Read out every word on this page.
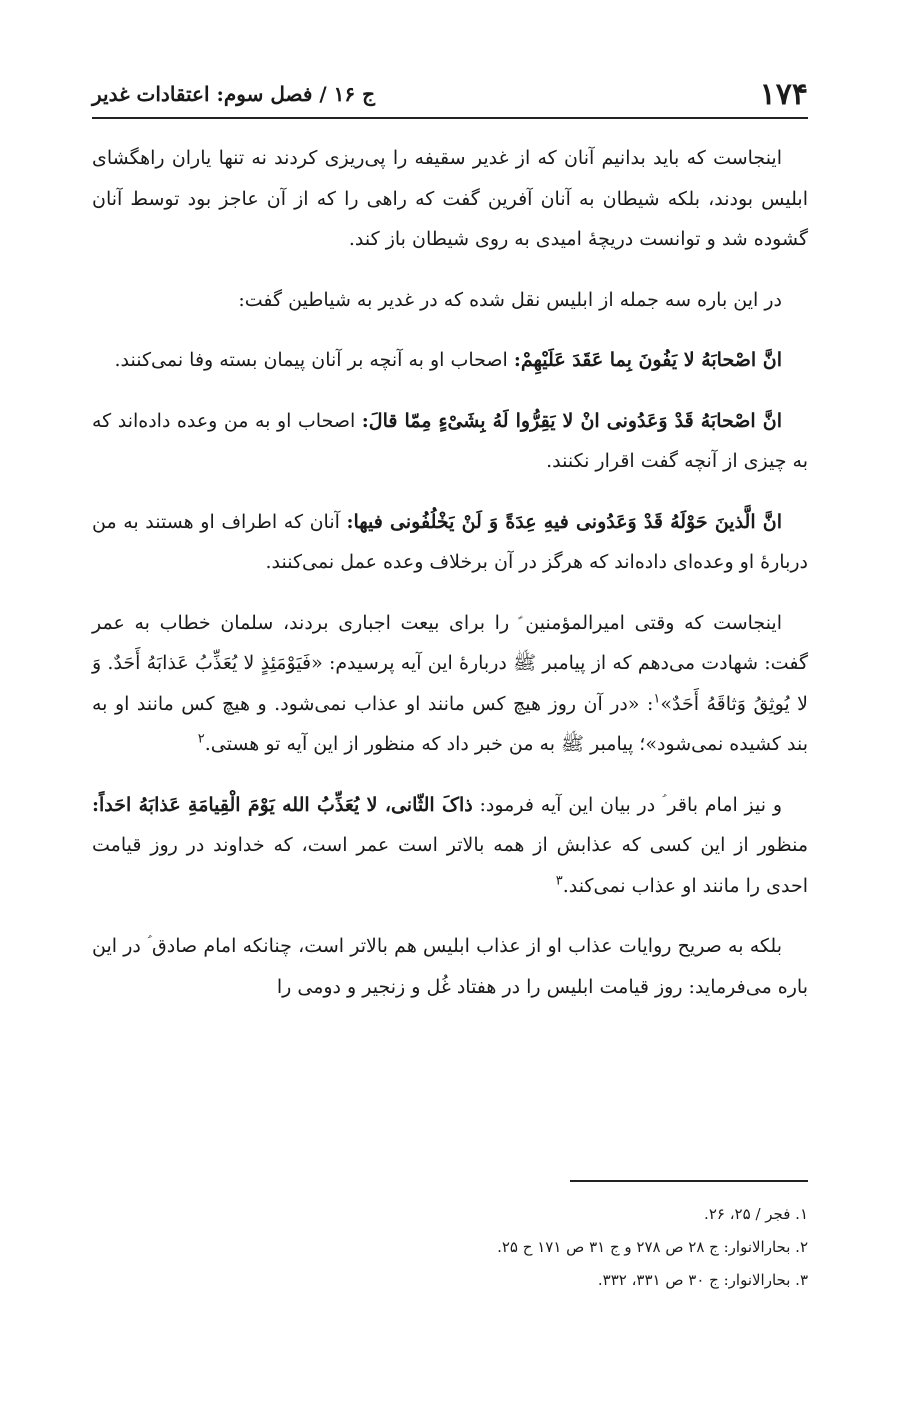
۱۷۴
ج ۱۶ / فصل سوم: اعتقادات غدیر

اینجاست که باید بدانیم آنان که از غدیر سقیفه را پی‌ریزی کردند نه تنها یاران راهگشای ابلیس بودند، بلکه شیطان به آنان آفرین گفت که راهی را که از آن عاجز بود توسط آنان گشوده شد و توانست دریچهٔ امیدی به روی شیطان باز کند.

در این باره سه جمله از ابلیس نقل شده که در غدیر به شیاطین گفت:

انَّ اصْحابَهُ لا یَفُونَ بِما عَقَدَ عَلَیْهِمْ: اصحاب او به آنچه بر آنان پیمان بسته وفا نمی‌کنند.

انَّ اصْحابَهُ قَدْ وَعَدُونی انْ لا یَقِرُّوا لَهُ بِشَیْءٍ مِمّا قالَ: اصحاب او به من وعده داده‌اند که به چیزی از آنچه گفت اقرار نکنند.

انَّ الَّذینَ حَوْلَهُ قَدْ وَعَدُونی فیهِ عِدَةً وَ لَنْ یَخْلُفُونی فیها: آنان که اطراف او هستند به من دربارهٔ او وعده‌ای داده‌اند که هرگز در آن برخلاف وعده عمل نمی‌کنند.

اینجاست که وقتی امیرالمؤمنین ؑ را برای بیعت اجباری بردند، سلمان خطاب به عمر گفت: شهادت می‌دهم که از پیامبر ﷺ دربارهٔ این آیه پرسیدم: «فَیَوْمَئِذٍ لا یُعَذِّبُ عَذابَهُ أَحَدٌ. وَ لا یُوثِقُ وَثاقَهُ أَحَدٌ»$^۱$: «در آن روز هیچ کس مانند او عذاب نمی‌شود. و هیچ کس مانند او به بند کشیده نمی‌شود»؛ پیامبر ﷺ به من خبر داد که منظور از این آیه تو هستی.$^۲$

و نیز امام باقر ؑ در بیان این آیه فرمود: ذاکَ الثّانی، لا یُعَذِّبُ الله یَوْمَ الْقِیامَةِ عَذابَهُ احَداً: منظور از این کسی که عذابش از همه بالاتر است عمر است، که خداوند در روز قیامت احدی را مانند او عذاب نمی‌کند.$^۳$

بلکه به صریح روایات عذاب او از عذاب ابلیس هم بالاتر است، چنانکه امام صادق ؑ در این باره می‌فرماید: روز قیامت ابلیس را در هفتاد غُل و زنجیر و دومی را

۱. فجر / ۲۵، ۲۶.
۲. بحارالانوار: ج ۲۸ ص ۲۷۸ و ج ۳۱ ص ۱۷۱ ح ۲۵.
۳. بحارالانوار: ج ۳۰ ص ۳۳۱، ۳۳۲.
